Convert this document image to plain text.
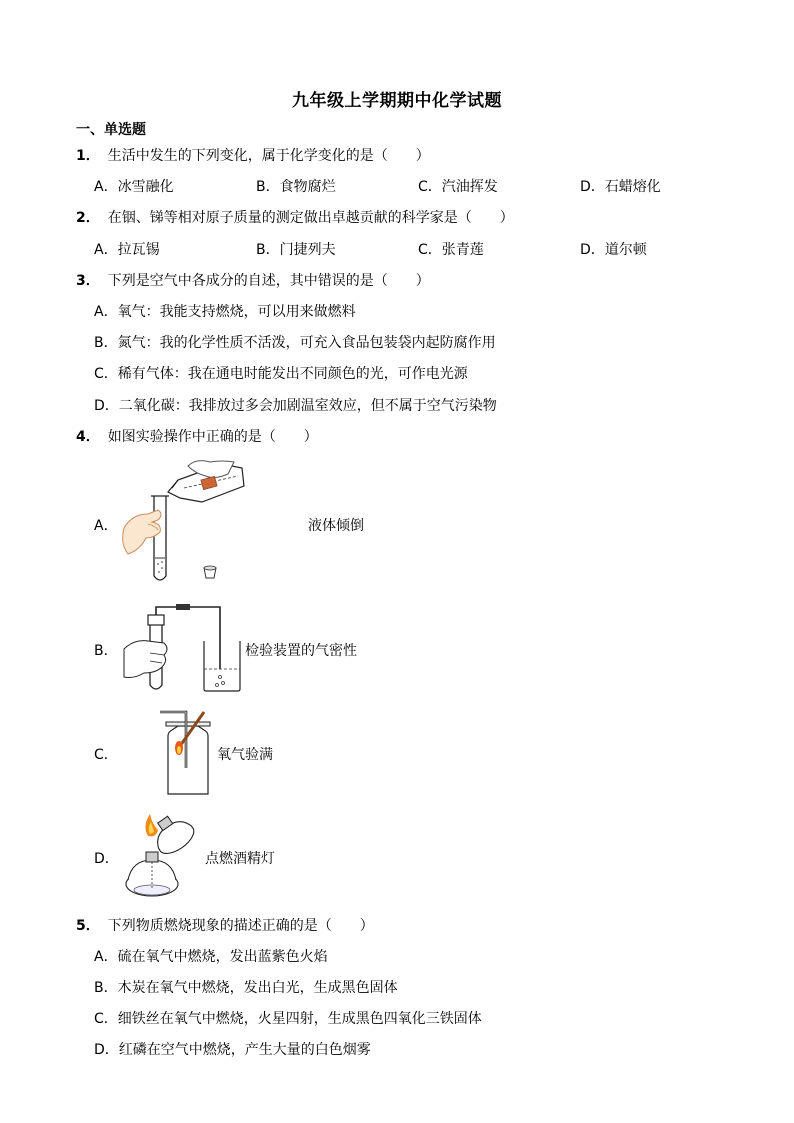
九年级上学期期中化学试题
一、单选题
1． 生活中发生的下列变化，属于化学变化的是（　　）
A．冰雪融化	B．食物腐烂	C．汽油挥发	D．石蜡熔化
2． 在铟、锑等相对原子质量的测定做出卓越贡献的科学家是（　　）
A．拉瓦锡	B．门捷列夫	C．张青莲	D．道尔顿
3． 下列是空气中各成分的自述，其中错误的是（　　）
A．氧气：我能支持燃烧，可以用来做燃料
B．氮气：我的化学性质不活泼，可充入食品包装袋内起防腐作用
C．稀有气体：我在通电时能发出不同颜色的光，可作电光源
D．二氧化碳：我排放过多会加剧温室效应，但不属于空气污染物
4． 如图实验操作中正确的是（　　）
A．	液体倾倒
B．	检验装置的气密性
C．	氧气验满
D．	点燃酒精灯
5． 下列物质燃烧现象的描述正确的是（　　）
A．硫在氧气中燃烧，发出蓝紫色火焰
B．木炭在氧气中燃烧，发出白光，生成黑色固体
C．细铁丝在氧气中燃烧，火星四射，生成黑色四氧化三铁固体
D．红磷在空气中燃烧，产生大量的白色烟雾
